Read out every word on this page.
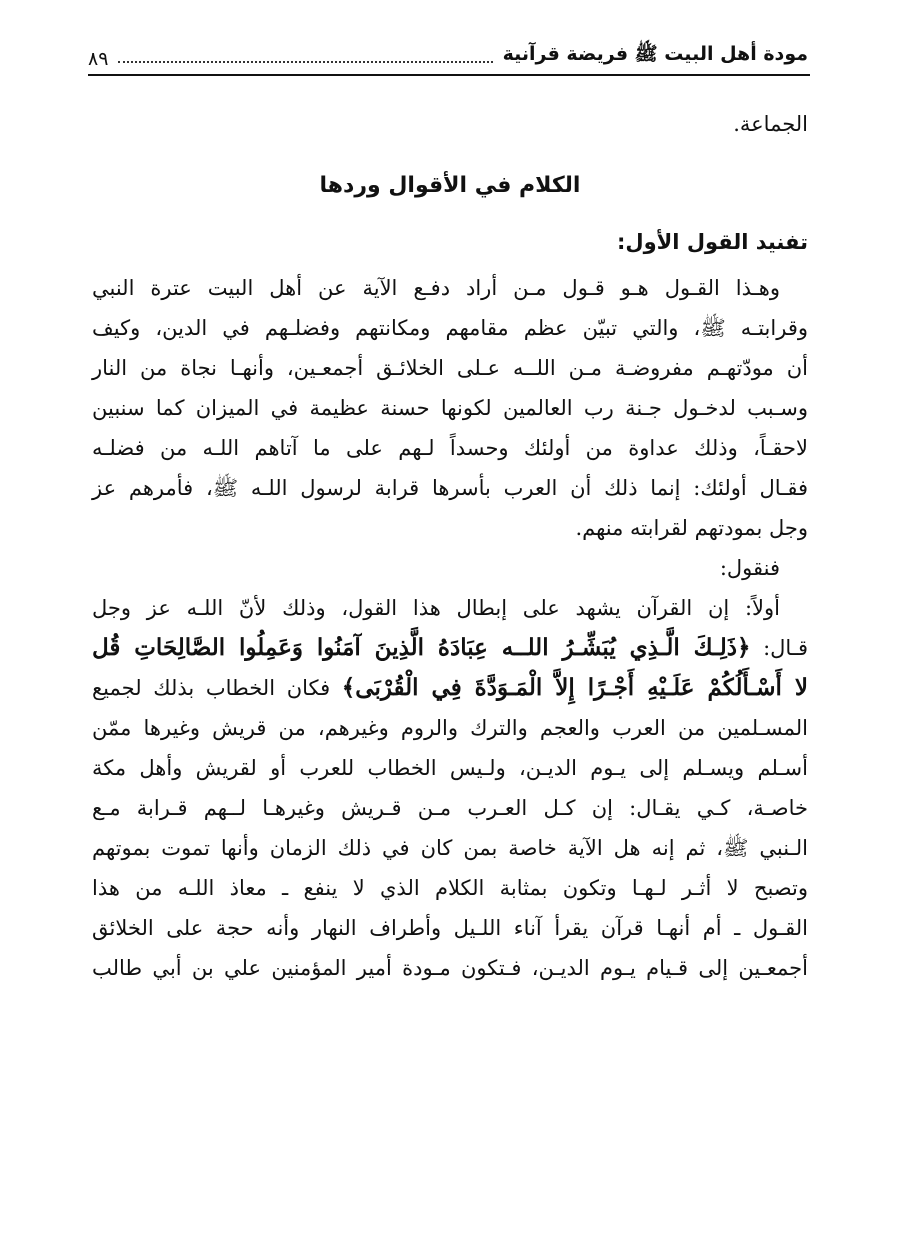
مودة أهل البيت ﷺ فريضة قرآنية
٨٩

الجماعة.

الكلام في الأقوال وردها

تفنيد القول الأول:

وهـذا القـول هـو قـول مـن أراد دفـع الآية عن أهل البيت عترة النبي

وقرابتـه ﷺ، والتي تبيّن عظم مقامهم ومكانتهم وفضلـهم في الدين، وكيف

أن مودّتهـم مفروضـة مـن اللــه عـلى الخلائـق أجمعـين، وأنهـا نجاة من النار

وسـبب لدخـول جـنة رب العالمين لكونها حسنة عظيمة في الميزان كما سنبين

لاحقـاً، وذلك عداوة من أولئك وحسداً لـهم على ما آتاهم اللـه من فضلـه

فقـال أولئك: إنما ذلك أن العرب بأسرها قرابة لرسول اللـه ﷺ، فأمرهم عز

وجل بمودتهم لقرابته منهم.

فنقول:

أولاً: إن القرآن يشهد على إبطال هذا القول، وذلك لأنّ اللـه عز وجل

قـال: ﴿ذَلِـكَ الَّـذِي يُبَشِّـرُ اللــه عِبَادَهُ الَّذِينَ آمَنُوا وَعَمِلُوا الصَّالِحَاتِ قُل

لا أَسْـأَلُكُمْ عَلَـيْهِ أَجْـرًا إِلاَّ الْمَـوَدَّةَ فِي الْقُرْبَى﴾ فكان الخطاب بذلك لجميع

المسـلمين من العرب والعجم والترك والروم وغيرهم، من قريش وغيرها ممّن

أسـلم ويسـلم إلى يـوم الديـن، ولـيس الخطاب للعرب أو لقريش وأهل مكة

خاصـة، كـي يقـال: إن كـل العـرب مـن قـريش وغيرهـا لــهم قـرابة مـع

الـنبي ﷺ، ثم إنه هل الآية خاصة بمن كان في ذلك الزمان وأنها تموت بموتهم

وتصبح لا أثـر لـهـا وتكون بمثابة الكلام الذي لا ينفع ـ معاذ اللـه من هذا

القـول ـ أم أنهـا قرآن يقرأ آناء اللـيل وأطراف النهار وأنه حجة على الخلائق

أجمعـين إلى قـيام يـوم الديـن، فـتكون مـودة أمير المؤمنين علي بن أبي طالب
